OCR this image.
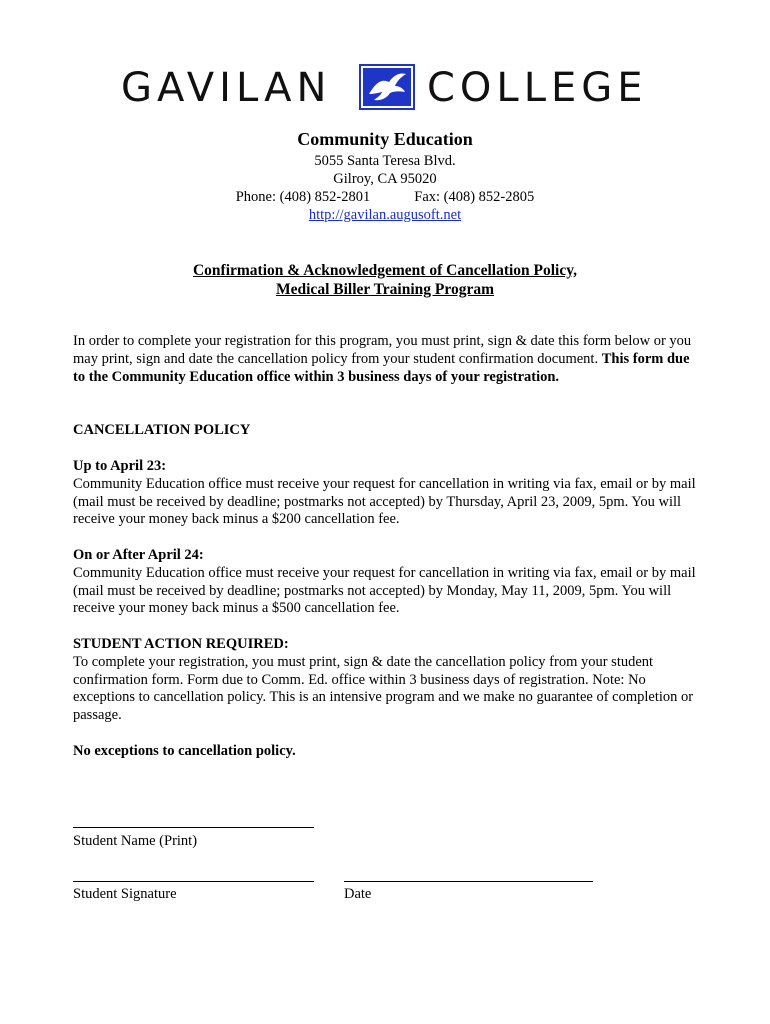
GAVILAN COLLEGE
Community Education
5055 Santa Teresa Blvd.
Gilroy, CA 95020
Phone: (408) 852-2801	Fax: (408) 852-2805
http://gavilan.augusoft.net
Confirmation & Acknowledgement of Cancellation Policy,
Medical Biller Training Program
In order to complete your registration for this program, you must print, sign & date this form below or you may print, sign and date the cancellation policy from your student confirmation document. This form due to the Community Education office within 3 business days of your registration.
CANCELLATION POLICY
Up to April 23:
Community Education office must receive your request for cancellation in writing via fax, email or by mail (mail must be received by deadline; postmarks not accepted) by Thursday, April 23, 2009, 5pm. You will receive your money back minus a $200 cancellation fee.
On or After April 24:
Community Education office must receive your request for cancellation in writing via fax, email or by mail (mail must be received by deadline; postmarks not accepted) by Monday, May 11, 2009, 5pm. You will receive your money back minus a $500 cancellation fee.
STUDENT ACTION REQUIRED:
To complete your registration, you must print, sign & date the cancellation policy from your student confirmation form. Form due to Comm. Ed. office within 3 business days of registration. Note: No exceptions to cancellation policy. This is an intensive program and we make no guarantee of completion or passage.
No exceptions to cancellation policy.
Student Name (Print)
Student Signature	Date
